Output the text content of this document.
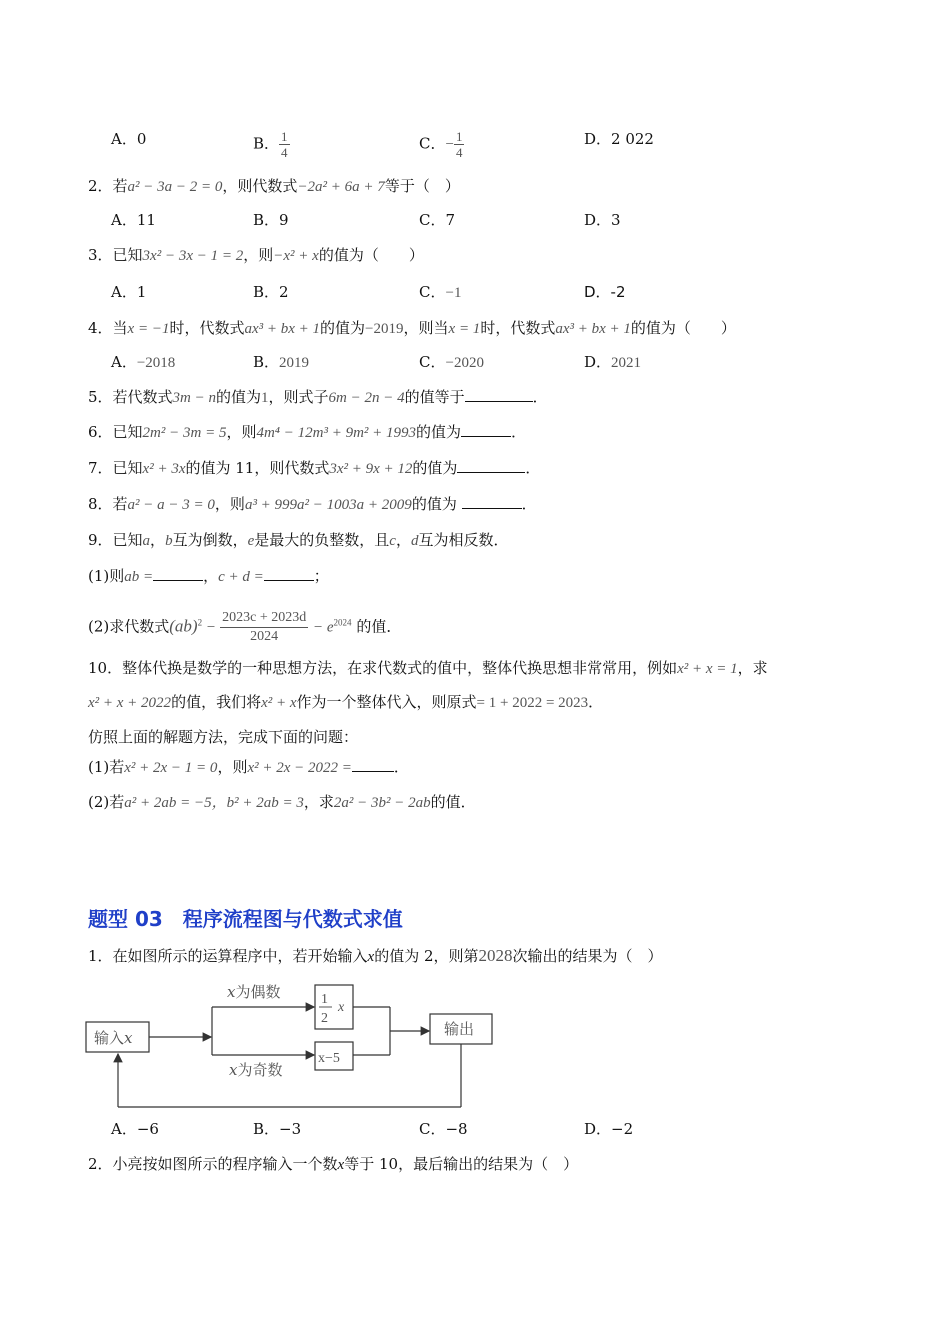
A．0	B． $\frac{1}{4}$	C．− $\frac{1}{4}$	D．2 022
2．若a² − 3a − 2 = 0，则代数式−2a² + 6a + 7等于（　）
A．11	B．9	C．7	D．3
3．已知3x² − 3x − 1 = 2，则−x² + x的值为（　　）
A．1	B．2	C．−1	D．-2
4．当x = −1时，代数式ax³ + bx + 1的值为−2019，则当x = 1时，代数式ax³ + bx + 1的值为（　　）
A．−2018	B．2019	C．−2020	D．2021
5．若代数式3m − n的值为1，则式子6m − 2n − 4的值等于	．
6．已知2m² − 3m = 5，则4m⁴ − 12m³ + 9m² + 1993的值为	．
7．已知x² + 3x的值为 11，则代数式3x² + 9x + 12的值为	．
8．若a² − a − 3 = 0，则a³ + 999a² − 1003a + 2009的值为	．
9．已知a，b互为倒数，e是最大的负整数，且c，d互为相反数．
(1)则ab =	，c + d =	；
(2)求代数式$(ab)^2 - \frac{2023c + 2023d}{2024} - e^{2024}$ 的值．
10．整体代换是数学的一种思想方法，在求代数式的值中，整体代换思想非常常用，例如x² + x = 1，求
x² + x + 2022的值，我们将x² + x作为一个整体代入，则原式= 1 + 2022 = 2023．
仿照上面的解题方法，完成下面的问题：
(1)若x² + 2x − 1 = 0，则x² + 2x − 2022 =	．
(2)若a² + 2ab = −5，b² + 2ab = 3，求2a² − 3b² − 2ab的值．
题型 03　程序流程图与代数式求值
1．在如图所示的运算程序中，若开始输入x的值为 2，则第2028次输出的结果为（　）
输入x
x为偶数
x为奇数
1
2
x
x−5
输出
A．−6	B．−3	C．−8	D．−2
2．小亮按如图所示的程序输入一个数x等于 10，最后输出的结果为（　）
